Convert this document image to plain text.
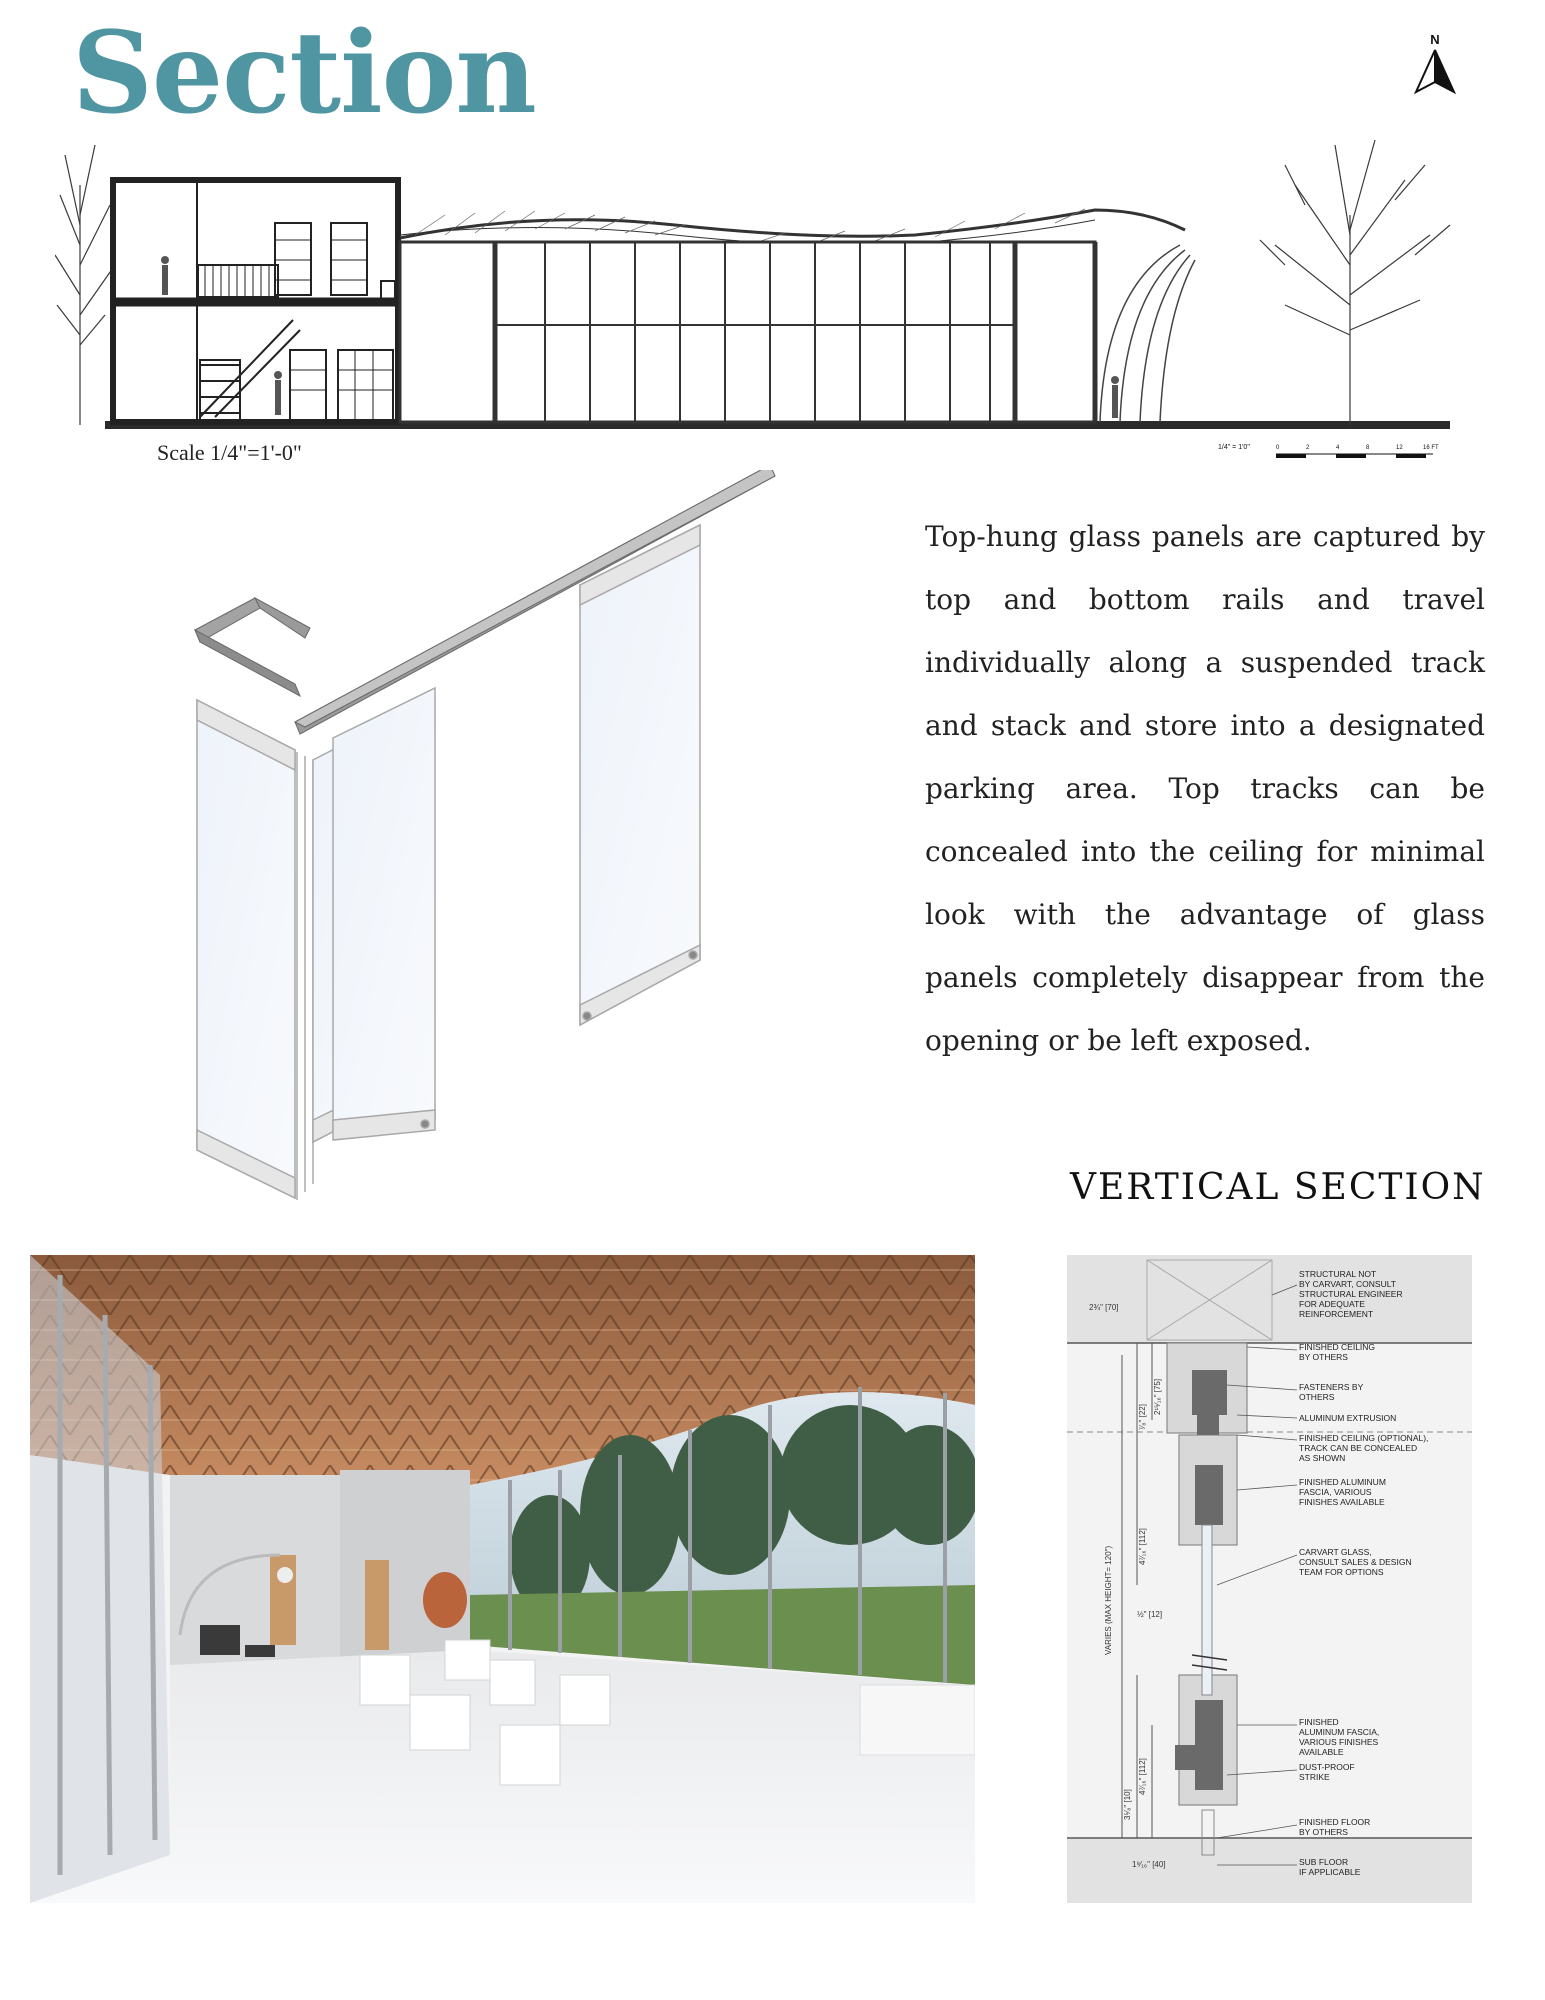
Section	N
Scale 1/4"=1'-0"	1/4" = 1'0"	0	2	4	8	12	16 FT
Top-hung glass panels are captured by top and bottom rails and travel individually along a suspended track and stack and store into a designated parking area. Top tracks can be concealed into the ceiling for minimal look with the advantage of glass panels completely disappear from the opening or be left exposed.
VERTICAL SECTION
2¾" [70]
2¹⁵⁄₁₆" [75]
⁷⁄₈" [22]
4⁷⁄₁₆" [112]
½" [12]
4⁷⁄₁₆" [112]
3⁵⁄₈" [10]
1⁹⁄₁₆" [40]
VARIES (MAX HEIGHT= 120")
STRUCTURAL NOT
BY CARVART, CONSULT
STRUCTURAL ENGINEER
FOR ADEQUATE
REINFORCEMENT
FINISHED CEILING
BY OTHERS
FASTENERS BY
OTHERS
ALUMINUM EXTRUSION
FINISHED CEILING (OPTIONAL),
TRACK CAN BE CONCEALED
AS SHOWN
FINISHED ALUMINUM
FASCIA, VARIOUS
FINISHES AVAILABLE
CARVART GLASS,
CONSULT SALES & DESIGN
TEAM FOR OPTIONS
FINISHED
ALUMINUM FASCIA,
VARIOUS FINISHES
AVAILABLE
DUST-PROOF
STRIKE
FINISHED FLOOR
BY OTHERS
SUB FLOOR
IF APPLICABLE
